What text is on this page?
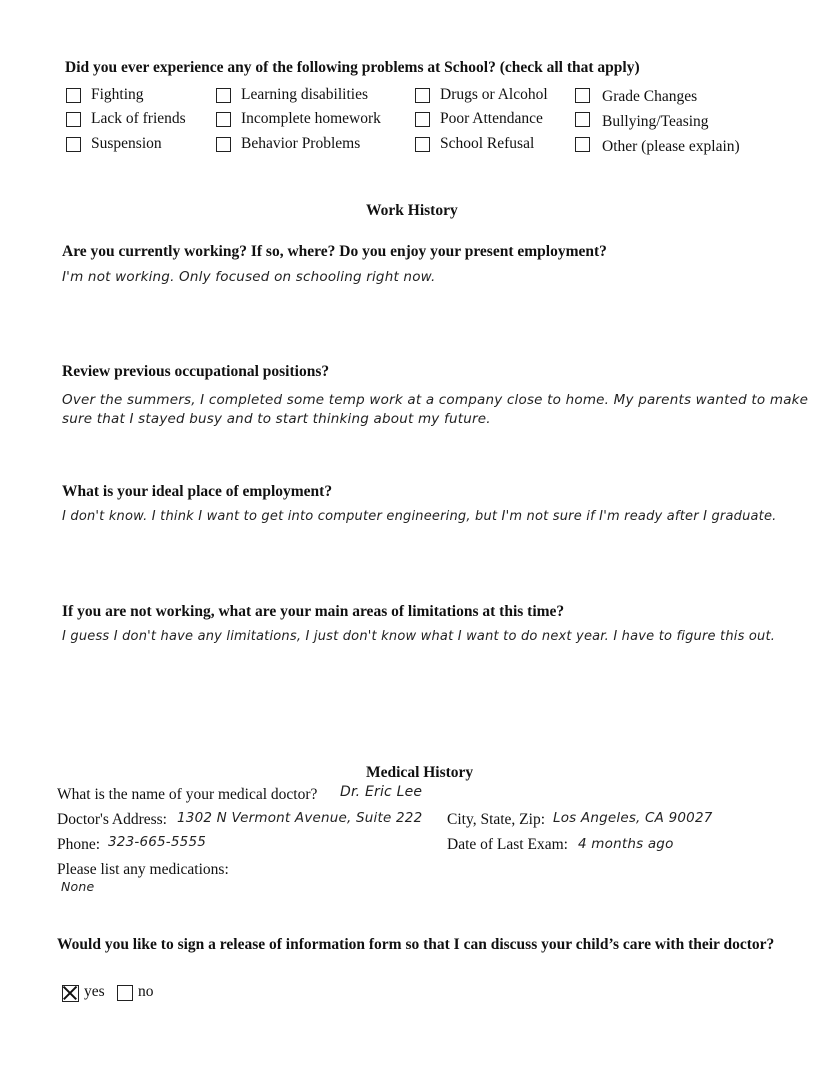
Did you ever experience any of the following problems at School? (check all that apply)
Fighting
Lack of friends
Suspension
Learning disabilities
Incomplete homework
Behavior Problems
Drugs or Alcohol
Poor Attendance
School Refusal
Grade Changes
Bullying/Teasing
Other (please explain)
Work History
Are you currently working? If so, where? Do you enjoy your present employment?
I'm not working. Only focused on schooling right now.
Review previous occupational positions?
Over the summers, I completed some temp work at a company close to home. My parents wanted to make
sure that I stayed busy and to start thinking about my future.
What is your ideal place of employment?
I don't know. I think I want to get into computer engineering, but I'm not sure if I'm ready after I graduate.
If you are not working, what are your main areas of limitations at this time?
I guess I don't have any limitations, I just don't know what I want to do next year. I have to figure this out.
Medical History
What is the name of your medical doctor? Dr. Eric Lee
Doctor's Address: 1302 N Vermont Avenue, Suite 222 City, State, Zip: Los Angeles, CA 90027
Phone: 323-665-5555	Date of Last Exam: 4 months ago
Please list any medications:
None
Would you like to sign a release of information form so that I can discuss your child’s care with their doctor?
yes no
